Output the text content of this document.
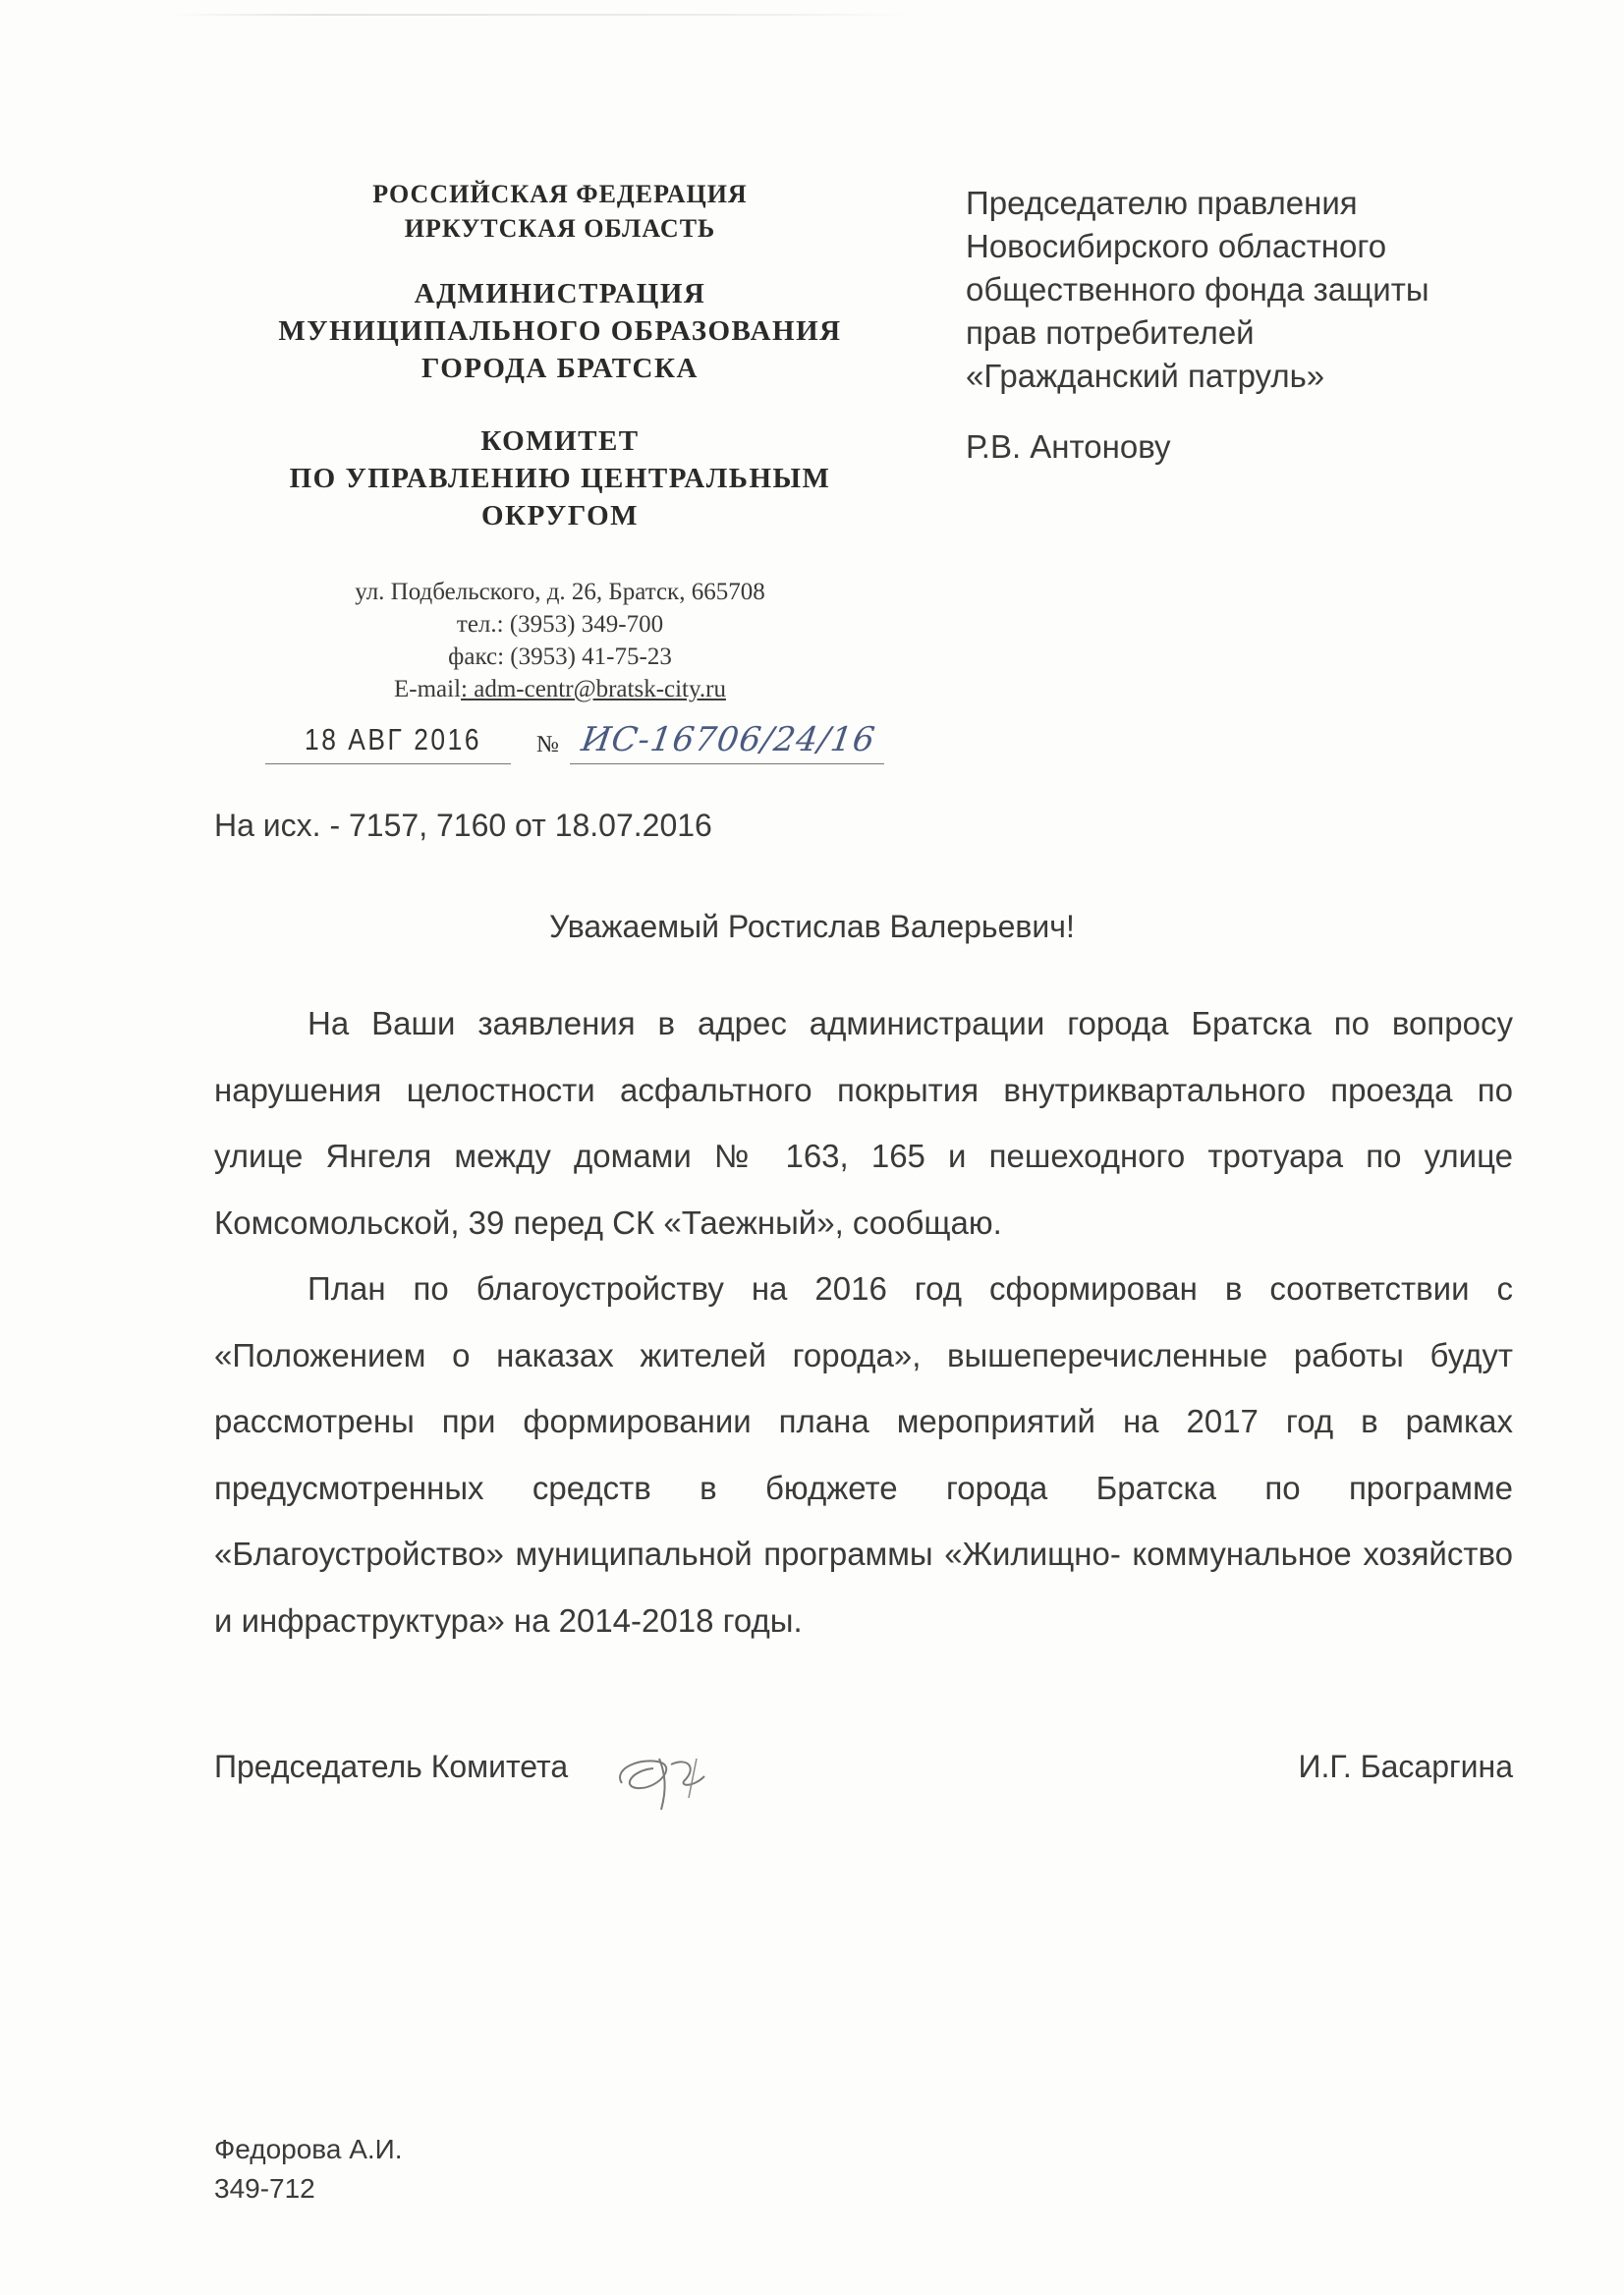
РОССИЙСКАЯ ФЕДЕРАЦИЯ
ИРКУТСКАЯ ОБЛАСТЬ
АДМИНИСТРАЦИЯ
МУНИЦИПАЛЬНОГО ОБРАЗОВАНИЯ
ГОРОДА БРАТСКА
КОМИТЕТ
ПО УПРАВЛЕНИЮ ЦЕНТРАЛЬНЫМ
ОКРУГОМ
ул. Подбельского, д. 26, Братск, 665708
тел.: (3953) 349-700
факс: (3953) 41-75-23
E-mail: adm-centr@bratsk-city.ru
18 АВГ 2016 № ИС-16706/24/16
Председателю правления
Новосибирского областного
общественного фонда защиты
прав потребителей
«Гражданский патруль»
Р.В. Антонову
На исх. - 7157, 7160 от 18.07.2016
Уважаемый Ростислав Валерьевич!

На Ваши заявления в адрес администрации города Братска по вопросу нарушения целостности асфальтного покрытия внутриквартального проезда по улице Янгеля между домами № 163, 165 и пешеходного тротуара по улице Комсомольской, 39 перед СК «Таежный», сообщаю.

План по благоустройству на 2016 год сформирован в соответствии с «Положением о наказах жителей города», вышеперечисленные работы будут рассмотрены при формировании плана мероприятий на 2017 год в рамках предусмотренных средств в бюджете города Братска по программе «Благоустройство» муниципальной программы «Жилищно- коммунальное хозяйство и инфраструктура» на 2014-2018 годы.

Председатель Комитета	И.Г. Басаргина
Федорова А.И.
349-712
